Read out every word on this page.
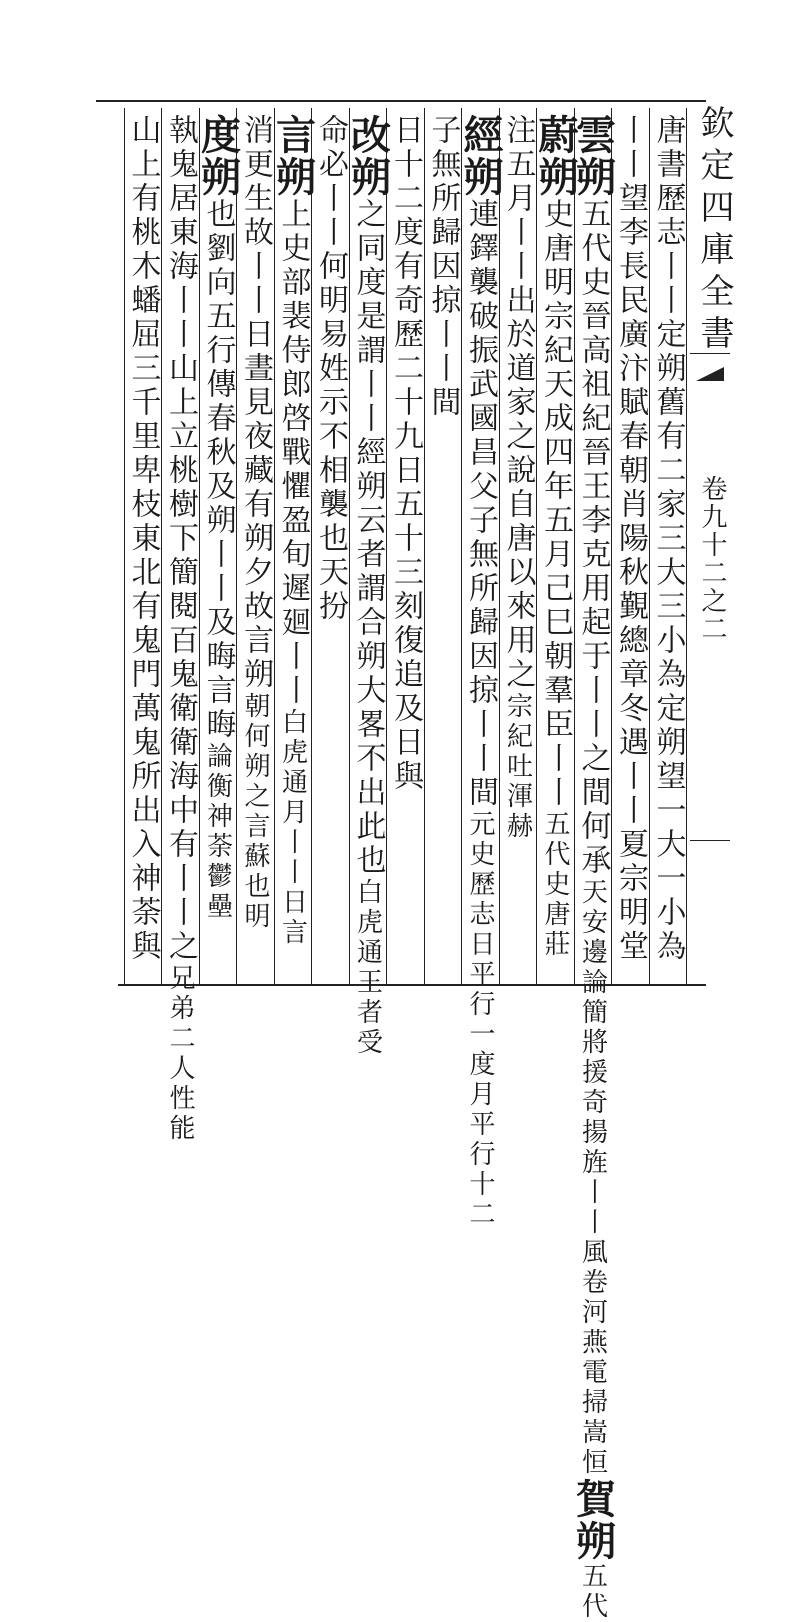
欽定四庫全書
卷九十二之二
唐書歷志丨丨定朔舊有二家三大三小為定朔望一大一小為
丨丨望李長民廣汴賦春朝肖陽秋覲總章冬遇丨丨夏宗明堂
雲朔五代史晉高祖紀晉王李克用起于丨丨之間何承天安邊論簡將援奇揚旌丨丨風卷河燕電掃嵩恒賀朔五代
蔚朔史唐明宗紀天成四年五月己巳朝羣臣丨丨五代史唐莊
注五月丨丨出於道家之說自唐以來用之宗紀吐渾赫
經朔連鐸襲破振武國昌父子無所歸因掠丨丨間元史歷志日平行一度月平行十二
子無所歸因掠丨丨間
日十二度有奇歷二十九日五十三刻復追及日與
改朔之同度是謂丨丨經朔云者謂合朔大畧不出此也白虎通王者受
命必丨丨何明易姓示不相襲也天扮
言朔上史部裴侍郎啓戰懼盈旬遲廻丨丨白虎通月丨丨日言
消更生故丨丨日晝見夜藏有朔夕故言朔朝何朔之言蘇也明
度朔也劉向五行傳春秋及朔丨丨及晦言晦論衡神荼鬱壘
執鬼居東海丨丨山上立桃樹下簡閱百鬼衛衛海中有丨丨之兄弟二人性能
山上有桃木蟠屈三千里卑枝東北有鬼門萬鬼所出入神荼與
